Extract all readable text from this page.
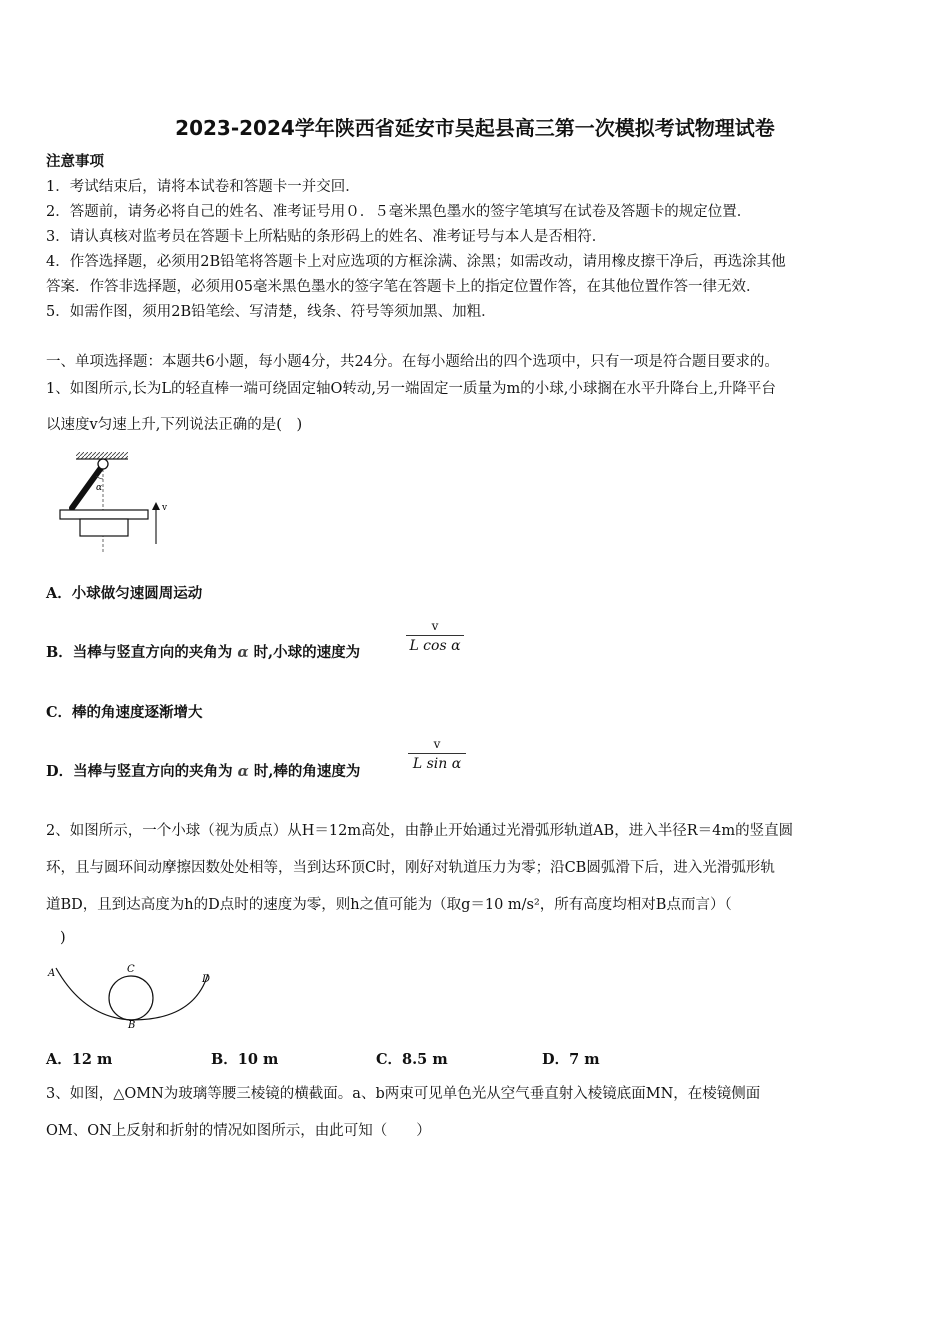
2023-2024学年陕西省延安市吴起县高三第一次模拟考试物理试卷
注意事项
1．考试结束后，请将本试卷和答题卡一并交回．
2．答题前，请务必将自己的姓名、准考证号用０．５毫米黑色墨水的签字笔填写在试卷及答题卡的规定位置．
3．请认真核对监考员在答题卡上所粘贴的条形码上的姓名、准考证号与本人是否相符．
4．作答选择题，必须用2B铅笔将答题卡上对应选项的方框涂满、涂黑；如需改动，请用橡皮擦干净后，再选涂其他
答案．作答非选择题，必须用05毫米黑色墨水的签字笔在答题卡上的指定位置作答，在其他位置作答一律无效．
5．如需作图，须用2B铅笔绘、写清楚，线条、符号等须加黑、加粗．
一、单项选择题：本题共6小题，每小题4分，共24分。在每小题给出的四个选项中，只有一项是符合题目要求的。
1、如图所示,长为L的轻直棒一端可绕固定轴O转动,另一端固定一质量为m的小球,小球搁在水平升降台上,升降平台
以速度v匀速上升,下列说法正确的是(　)
α
v
A．小球做匀速圆周运动
B．当棒与竖直方向的夹角为 α 时,小球的速度为	$\frac{v}{\text{L cos α}}$
C．棒的角速度逐渐增大
D．当棒与竖直方向的夹角为 α 时,棒的角速度为	$\frac{v}{\text{L sin α}}$
2、如图所示，一个小球（视为质点）从H＝12m高处，由静止开始通过光滑弧形轨道AB，进入半径R＝4m的竖直圆
环，且与圆环间动摩擦因数处处相等，当到达环顶C时，刚好对轨道压力为零；沿CB圆弧滑下后，进入光滑弧形轨
道BD，且到达高度为h的D点时的速度为零，则h之值可能为（取g＝10 m/s²，所有高度均相对B点而言）（
)
A	C
D
B
A．12 m	B．10 m	C．8.5 m	D．7 m
3、如图，△OMN为玻璃等腰三棱镜的横截面。a、b两束可见单色光从空气垂直射入棱镜底面MN，在棱镜侧面
OM、ON上反射和折射的情况如图所示，由此可知（　　）
